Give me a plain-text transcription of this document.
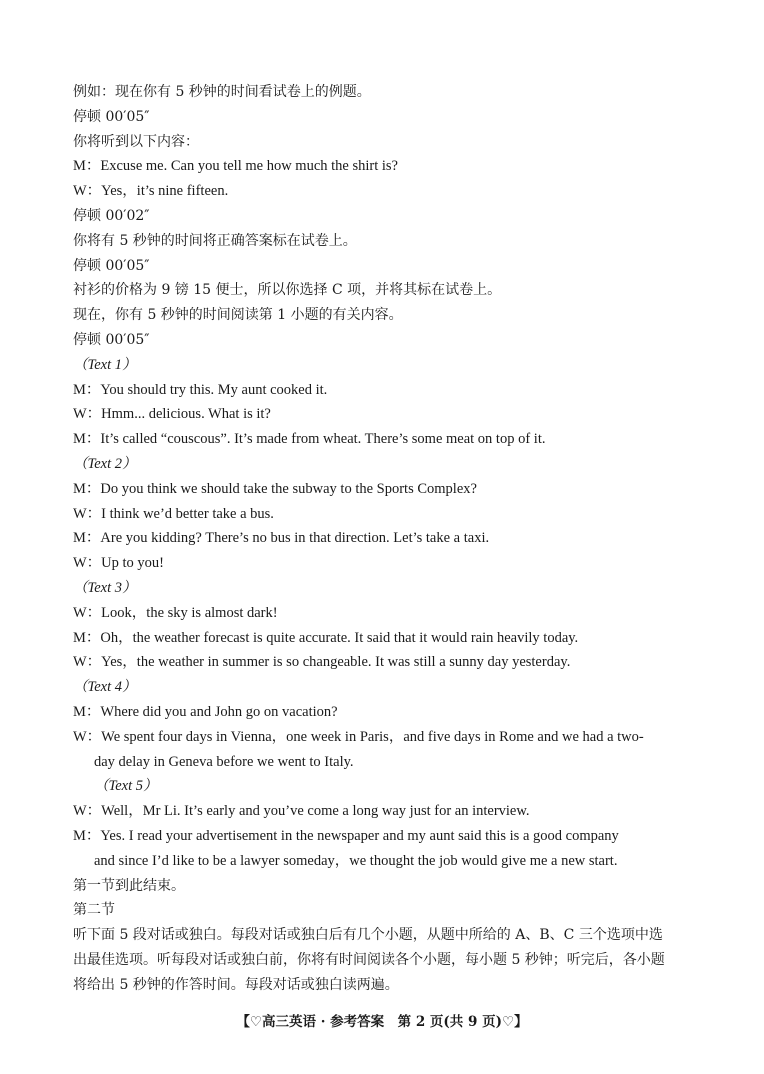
例如：现在你有 5 秒钟的时间看试卷上的例题。
停顿 00′05″
你将听到以下内容：
M：Excuse me. Can you tell me how much the shirt is?
W：Yes，it’s nine fifteen.
停顿 00′02″
你将有 5 秒钟的时间将正确答案标在试卷上。
停顿 00′05″
衬衫的价格为 9 镑 15 便士，所以你选择 C 项，并将其标在试卷上。
现在，你有 5 秒钟的时间阅读第 1 小题的有关内容。
停顿 00′05″
（Text 1）
M：You should try this. My aunt cooked it.
W：Hmm... delicious. What is it?
M：It’s called “couscous”. It’s made from wheat. There’s some meat on top of it.
（Text 2）
M：Do you think we should take the subway to the Sports Complex?
W：I think we’d better take a bus.
M：Are you kidding? There’s no bus in that direction. Let’s take a taxi.
W：Up to you!
（Text 3）
W：Look，the sky is almost dark!
M：Oh，the weather forecast is quite accurate. It said that it would rain heavily today.
W：Yes，the weather in summer is so changeable. It was still a sunny day yesterday.
（Text 4）
M：Where did you and John go on vacation?
W：We spent four days in Vienna，one week in Paris，and five days in Rome and we had a two-
day delay in Geneva before we went to Italy.
（Text 5）
W：Well，Mr Li. It’s early and you’ve come a long way just for an interview.
M：Yes. I read your advertisement in the newspaper and my aunt said this is a good company
and since I’d like to be a lawyer someday，we thought the job would give me a new start.
第一节到此结束。
第二节
听下面 5 段对话或独白。每段对话或独白后有几个小题，从题中所给的 A、B、C 三个选项中选
出最佳选项。听每段对话或独白前，你将有时间阅读各个小题，每小题 5 秒钟；听完后，各小题
将给出 5 秒钟的作答时间。每段对话或独白读两遍。
【♡高三英语 · 参考答案　第 2 页(共 9 页)♡】
